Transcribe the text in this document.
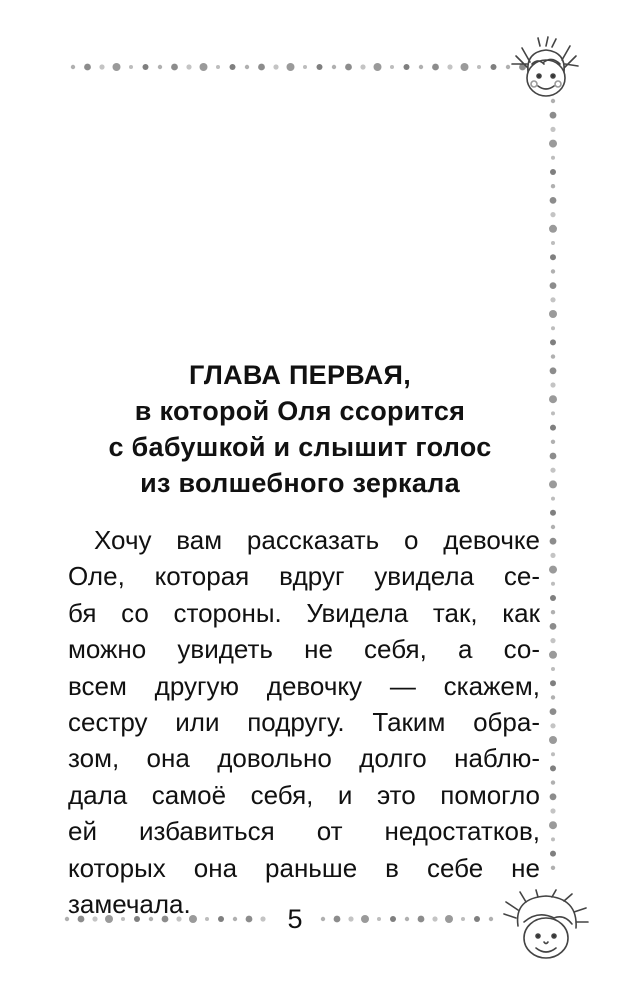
ГЛАВА ПЕРВАЯ,
в которой Оля ссорится
с бабушкой и слышит голос
из волшебного зеркала
Хочу вам рассказать о девочке
Оле, которая вдруг увидела се-
бя со стороны. Увидела так, как
можно увидеть не себя, а со-
всем другую девочку — скажем,
сестру или подругу. Таким обра-
зом, она довольно долго наблю-
дала самоё себя, и это помогло
ей избавиться от недостатков,
которых она раньше в себе не
замечала.	5
